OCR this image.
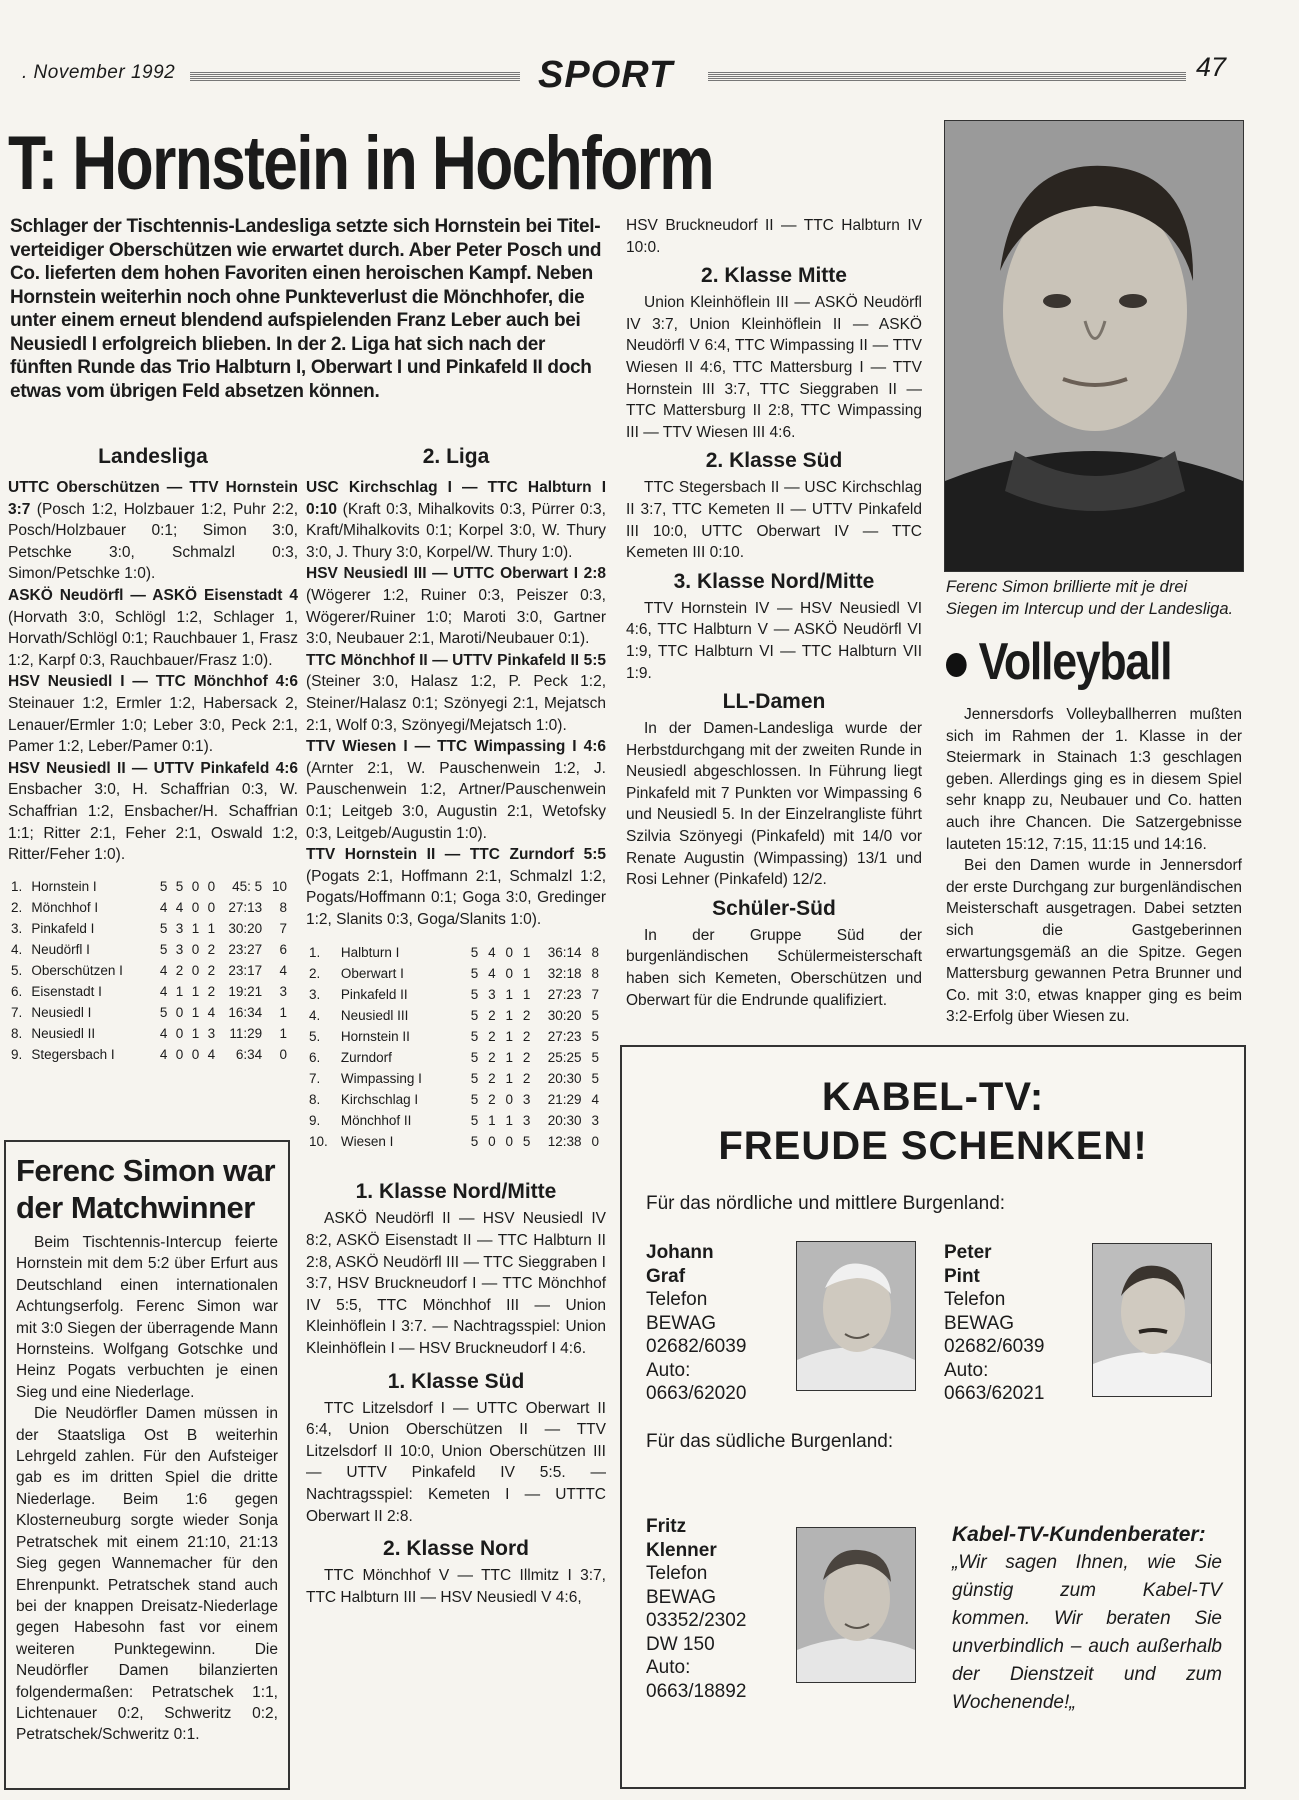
. November 1992	SPORT	47
T: Hornstein in Hochform
Schlager der Tischtennis-Landesliga setzte sich Hornstein bei Titelverteidiger Oberschützen wie erwartet durch. Aber Peter Posch und Co. lieferten dem hohen Favoriten einen heroischen Kampf. Neben Hornstein weiterhin noch ohne Punkteverlust die Mönchhofer, die unter einem erneut blendend aufspielenden Franz Leber auch bei Neusiedl I erfolgreich blieben. In der 2. Liga hat sich nach der fünften Runde das Trio Halbturn I, Oberwart I und Pinkafeld II doch etwas vom übrigen Feld absetzen können.
Landesliga
UTTC Oberschützen — TTV Hornstein 3:7 (Posch 1:2, Holzbauer 1:2, Puhr 2:2, Posch/Holzbauer 0:1; Simon 3:0, Petschke 3:0, Schmalzl 0:3, Simon/Petschke 1:0).
ASKÖ Neudörfl — ASKÖ Eisenstadt 4 (Horvath 3:0, Schlögl 1:2, Schlager 1, Horvath/Schlögl 0:1; Rauchbauer 1, Frasz 1:2, Karpf 0:3, Rauchbauer/Frasz 1:0).
HSV Neusiedl I — TTC Mönchhof 4:6 Steinauer 1:2, Ermler 1:2, Habersack 2, Lenauer/Ermler 1:0; Leber 3:0, Peck 2:1, Pamer 1:2, Leber/Pamer 0:1).
HSV Neusiedl II — UTTV Pinkafeld 4:6 Ensbacher 3:0, H. Schaffrian 0:3, W. Schaffrian 1:2, Ensbacher/H. Schaffrian 1:1; Ritter 2:1, Feher 2:1, Oswald 1:2, Ritter/Feher 1:0).
1.	Hornstein I	5	5	0	0	45: 5	10
2.	Mönchhof I	4	4	0	0	27:13	8
3.	Pinkafeld I	5	3	1	1	30:20	7
4.	Neudörfl I	5	3	0	2	23:27	6
5.	Oberschützen I	4	2	0	2	23:17	4
6.	Eisenstadt I	4	1	1	2	19:21	3
7.	Neusiedl I	5	0	1	4	16:34	1
8.	Neusiedl II	4	0	1	3	11:29	1
9.	Stegersbach I	4	0	0	4	6:34	0
Ferenc Simon war der Matchwinner
Beim Tischtennis-Intercup feierte Hornstein mit dem 5:2 über Erfurt aus Deutschland einen internationalen Achtungserfolg. Ferenc Simon war mit 3:0 Siegen der überragende Mann Hornsteins. Wolfgang Gotschke und Heinz Pogats verbuchten je einen Sieg und eine Niederlage.
Die Neudörfler Damen müssen in der Staatsliga Ost B weiterhin Lehrgeld zahlen. Für den Aufsteiger gab es im dritten Spiel die dritte Niederlage. Beim 1:6 gegen Klosterneuburg sorgte wieder Sonja Petratschek mit einem 21:10, 21:13 Sieg gegen Wannemacher für den Ehrenpunkt. Petratschek stand auch bei der knappen Dreisatz-Niederlage gegen Habesohn fast vor einem weiteren Punktegewinn. Die Neudörfler Damen bilanzierten folgendermaßen: Petratschek 1:1, Lichtenauer 0:2, Schweritz 0:2, Petratschek/Schweritz 0:1.
2. Liga
USC Kirchschlag I — TTC Halbturn I 0:10 (Kraft 0:3, Mihalkovits 0:3, Pürrer 0:3, Kraft/Mihalkovits 0:1; Korpel 3:0, W. Thury 3:0, J. Thury 3:0, Korpel/W. Thury 1:0).
HSV Neusiedl III — UTTC Oberwart I 2:8 (Wögerer 1:2, Ruiner 0:3, Peiszer 0:3, Wögerer/Ruiner 1:0; Maroti 3:0, Gartner 3:0, Neubauer 2:1, Maroti/Neubauer 0:1).
TTC Mönchhof II — UTTV Pinkafeld II 5:5 (Steiner 3:0, Halasz 1:2, P. Peck 1:2, Steiner/Halasz 0:1; Szönyegi 2:1, Mejatsch 2:1, Wolf 0:3, Szönyegi/Mejatsch 1:0).
TTV Wiesen I — TTC Wimpassing I 4:6 (Arnter 2:1, W. Pauschenwein 1:2, J. Pauschenwein 1:2, Artner/Pauschenwein 0:1; Leitgeb 3:0, Augustin 2:1, Wetofsky 0:3, Leitgeb/Augustin 1:0).
TTV Hornstein II — TTC Zurndorf 5:5 (Pogats 2:1, Hoffmann 2:1, Schmalzl 1:2, Pogats/Hoffmann 0:1; Goga 3:0, Gredinger 1:2, Slanits 0:3, Goga/Slanits 1:0).
1.	Halbturn I	5	4	0	1	36:14	8
2.	Oberwart I	5	4	0	1	32:18	8
3.	Pinkafeld II	5	3	1	1	27:23	7
4.	Neusiedl III	5	2	1	2	30:20	5
5.	Hornstein II	5	2	1	2	27:23	5
6.	Zurndorf	5	2	1	2	25:25	5
7.	Wimpassing I	5	2	1	2	20:30	5
8.	Kirchschlag I	5	2	0	3	21:29	4
9.	Mönchhof II	5	1	1	3	20:30	3
10.	Wiesen I	5	0	0	5	12:38	0
1. Klasse Nord/Mitte
ASKÖ Neudörfl II — HSV Neusiedl IV 8:2, ASKÖ Eisenstadt II — TTC Halbturn II 2:8, ASKÖ Neudörfl III — TTC Sieggraben I 3:7, HSV Bruckneudorf I — TTC Mönchhof IV 5:5, TTC Mönchhof III — Union Kleinhöflein I 3:7. — Nachtragsspiel: Union Kleinhöflein I — HSV Bruckneudorf I 4:6.
1. Klasse Süd
TTC Litzelsdorf I — UTTC Oberwart II 6:4, Union Oberschützen II — TTV Litzelsdorf II 10:0, Union Oberschützen III — UTTV Pinkafeld IV 5:5. — Nachtragsspiel: Kemeten I — UTTTC Oberwart II 2:8.
2. Klasse Nord
TTC Mönchhof V — TTC Illmitz I 3:7, TTC Halbturn III — HSV Neusiedl V 4:6,
HSV Bruckneudorf II — TTC Halbturn IV 10:0.
2. Klasse Mitte
Union Kleinhöflein III — ASKÖ Neudörfl IV 3:7, Union Kleinhöflein II — ASKÖ Neudörfl V 6:4, TTC Wimpassing II — TTV Wiesen II 4:6, TTC Mattersburg I — TTV Hornstein III 3:7, TTC Sieggraben II — TTC Mattersburg II 2:8, TTC Wimpassing III — TTV Wiesen III 4:6.
2. Klasse Süd
TTC Stegersbach II — USC Kirchschlag II 3:7, TTC Kemeten II — UTTV Pinkafeld III 10:0, UTTC Oberwart IV — TTC Kemeten III 0:10.
3. Klasse Nord/Mitte
TTV Hornstein IV — HSV Neusiedl VI 4:6, TTC Halbturn V — ASKÖ Neudörfl VI 1:9, TTC Halbturn VI — TTC Halbturn VII 1:9.
LL-Damen
In der Damen-Landesliga wurde der Herbstdurchgang mit der zweiten Runde in Neusiedl abgeschlossen. In Führung liegt Pinkafeld mit 7 Punkten vor Wimpassing 6 und Neusiedl 5. In der Einzelrangliste führt Szilvia Szönyegi (Pinkafeld) mit 14/0 vor Renate Augustin (Wimpassing) 13/1 und Rosi Lehner (Pinkafeld) 12/2.
Schüler-Süd
In der Gruppe Süd der burgenländischen Schülermeisterschaft haben sich Kemeten, Oberschützen und Oberwart für die Endrunde qualifiziert.
Ferenc Simon brillierte mit je drei Siegen im Intercup und der Landesliga.
Volleyball
Jennersdorfs Volleyballherren mußten sich im Rahmen der 1. Klasse in der Steiermark in Stainach 1:3 geschlagen geben. Allerdings ging es in diesem Spiel sehr knapp zu, Neubauer und Co. hatten auch ihre Chancen. Die Satzergebnisse lauteten 15:12, 7:15, 11:15 und 14:16.
Bei den Damen wurde in Jennersdorf der erste Durchgang zur burgenländischen Meisterschaft ausgetragen. Dabei setzten sich die Gastgeberinnen erwartungsgemäß an die Spitze. Gegen Mattersburg gewannen Petra Brunner und Co. mit 3:0, etwas knapper ging es beim 3:2-Erfolg über Wiesen zu.
KABEL-TV:
FREUDE SCHENKEN!
Für das nördliche und mittlere Burgenland:
Johann
Graf
Telefon
BEWAG
02682/6039
Auto:
0663/62020
Peter
Pint
Telefon
BEWAG
02682/6039
Auto:
0663/62021
Für das südliche Burgenland:
Fritz
Klenner
Telefon
BEWAG
03352/2302
DW 150
Auto:
0663/18892
Kabel-TV-Kundenberater:
„Wir sagen Ihnen, wie Sie günstig zum Kabel-TV kommen. Wir beraten Sie unverbindlich – auch außerhalb der Dienstzeit und zum Wochenende!„
